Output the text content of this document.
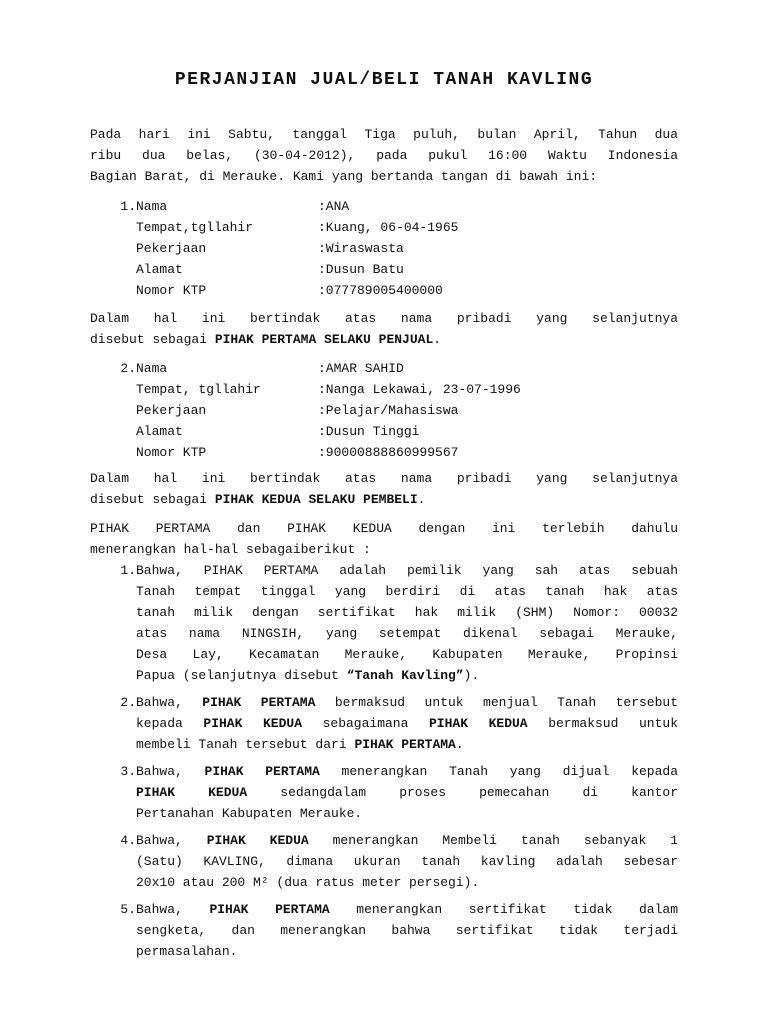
PERJANJIAN JUAL/BELI TANAH KAVLING
Pada hari ini Sabtu, tanggal Tiga puluh, bulan April, Tahun dua
ribu dua belas, (30-04-2012), pada pukul 16:00 Waktu Indonesia
Bagian Barat, di Merauke. Kami yang bertanda tangan di bawah ini:
1. Nama	:ANA
Tempat,tgllahir	:Kuang, 06-04-1965
Pekerjaan	:Wiraswasta
Alamat	:Dusun Batu
Nomor KTP	:077789005400000
Dalam hal ini bertindak atas nama pribadi yang selanjutnya
disebut sebagai PIHAK PERTAMA SELAKU PENJUAL.
2. Nama	:AMAR SAHID
Tempat, tgllahir	:Nanga Lekawai, 23-07-1996
Pekerjaan	:Pelajar/Mahasiswa
Alamat	:Dusun Tinggi
Nomor KTP	:90000888860999567
Dalam hal ini bertindak atas nama pribadi yang selanjutnya
disebut sebagai PIHAK KEDUA SELAKU PEMBELI.
PIHAK PERTAMA dan PIHAK KEDUA dengan ini terlebih dahulu
menerangkan hal-hal sebagaiberikut :
1. Bahwa, PIHAK PERTAMA adalah pemilik yang sah atas sebuah
Tanah tempat tinggal yang berdiri di atas tanah hak atas
tanah milik dengan sertifikat hak milik (SHM) Nomor: 00032
atas nama NINGSIH, yang setempat dikenal sebagai Merauke,
Desa Lay, Kecamatan Merauke, Kabupaten Merauke, Propinsi
Papua (selanjutnya disebut “Tanah Kavling”).
2. Bahwa, PIHAK PERTAMA bermaksud untuk menjual Tanah tersebut
kepada PIHAK KEDUA sebagaimana PIHAK KEDUA bermaksud untuk
membeli Tanah tersebut dari PIHAK PERTAMA.
3. Bahwa, PIHAK PERTAMA menerangkan Tanah yang dijual kepada
PIHAK KEDUA sedangdalam proses pemecahan di kantor
Pertanahan Kabupaten Merauke.
4. Bahwa, PIHAK KEDUA menerangkan Membeli tanah sebanyak 1
(Satu) KAVLING, dimana ukuran tanah kavling adalah sebesar
20x10 atau 200 M² (dua ratus meter persegi).
5. Bahwa, PIHAK PERTAMA menerangkan sertifikat tidak dalam
sengketa, dan menerangkan bahwa sertifikat tidak terjadi
permasalahan.
